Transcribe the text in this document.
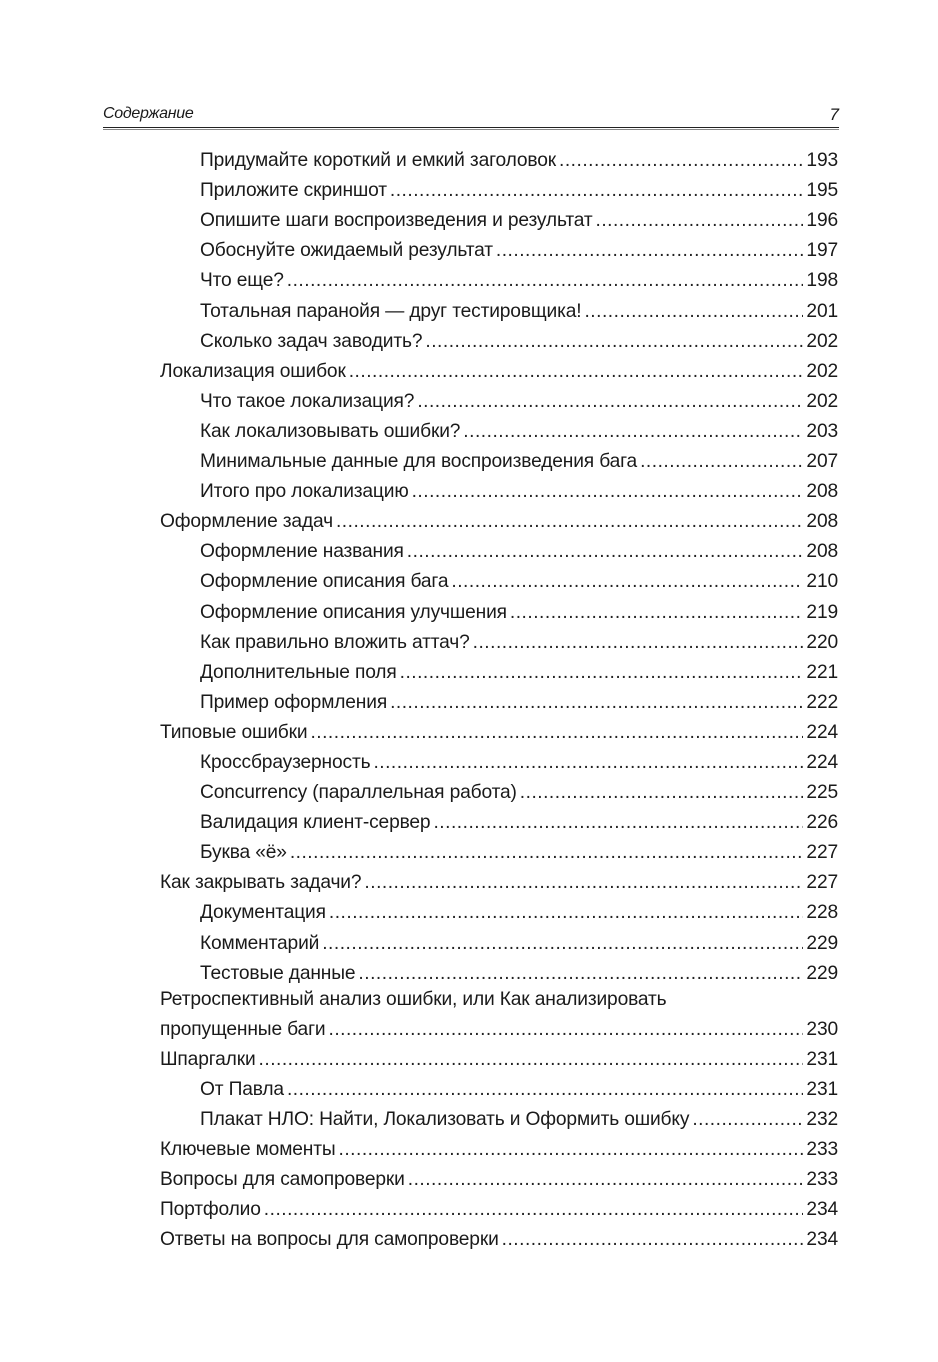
Содержание	7
Придумайте короткий и емкий заголовок .....	193
Приложите скриншот .....	195
Опишите шаги воспроизведения и результат .....	196
Обоснуйте ожидаемый результат .....	197
Что еще? .....	198
Тотальная паранойя — друг тестировщика! .....	201
Сколько задач заводить? .....	202
Локализация ошибок .....	202
Что такое локализация? .....	202
Как локализовывать ошибки? .....	203
Минимальные данные для воспроизведения бага .....	207
Итого про локализацию .....	208
Оформление задач .....	208
Оформление названия .....	208
Оформление описания бага .....	210
Оформление описания улучшения .....	219
Как правильно вложить аттач? .....	220
Дополнительные поля .....	221
Пример оформления .....	222
Типовые ошибки .....	224
Кроссбраузерность .....	224
Concurrency (параллельная работа) .....	225
Валидация клиент-сервер .....	226
Буква «ё» .....	227
Как закрывать задачи? .....	227
Документация .....	228
Комментарий .....	229
Тестовые данные .....	229
Ретроспективный анализ ошибки, или Как анализировать
пропущенные баги .....	230
Шпаргалки .....	231
От Павла .....	231
Плакат НЛО: Найти, Локализовать и Оформить ошибку .....	232
Ключевые моменты .....	233
Вопросы для самопроверки .....	233
Портфолио .....	234
Ответы на вопросы для самопроверки .....	234
